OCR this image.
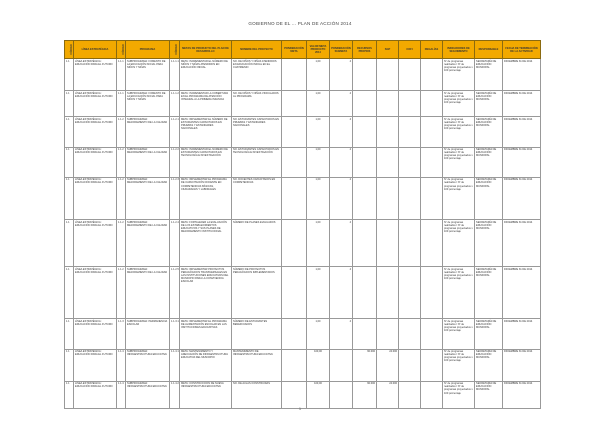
GOBIERNO DE EL ... PLAN DE ACCIÓN 2014
CÓDIGO	LÍNEA ESTRATÉGICA	CÓDIGO	PROGRAMA	CÓDIGO	METAS DE PRODUCTO DEL PLAN DE DESARROLLO	NOMBRE DEL PROYECTO	PONDERACIÓN META	VALOR META PRODUCTO 2014	PONDERACIÓN SUBMETA	RECURSOS PROPIOS	SGP	COFI	REGALÍAS	INDICADORES DE SEGUIMIENTO	RESPONSABLE	FECHA DE TERMINACIÓN DE LA ACTIVIDAD
1.1	LÍNEA ESTRATÉGICA: EDUCACIÓN PARA EL FUTURO	1.1.1	SUBPROGRAMA: FOMENTO DE LA EDUCACIÓN INICIAL PARA NIÑOS Y NIÑAS	1.1.1.1	META: INCREMENTAR EL NÚMERO DE NIÑOS Y NIÑAS ATENDIDOS EN EDUCACIÓN INICIAL	NO. DE NIÑOS Y NIÑAS ATENDIDOS EN EDUCACIÓN INICIAL EN EL CUATRIENIO		1,00	4					Nº de programas realizados / Nº de programas proyectados x 100 porcentaje	SECRETARÍA DE EDUCACIÓN MUNICIPAL	DICIEMBRE 31 DE 2014
1.1	LÍNEA ESTRATÉGICA: EDUCACIÓN PARA EL FUTURO	1.1.1	SUBPROGRAMA: FOMENTO DE LA EDUCACIÓN INICIAL PARA NIÑOS Y NIÑAS	1.1.1.2	META: INCREMENTAR LA COBERTURA EN EL PROGRAMA DE ATENCIÓN INTEGRAL A LA PRIMERA INFANCIA	NO. DE NIÑOS Y NIÑAS VINCULADOS AL PROGRAMA		1,00	4					Nº de programas realizados / Nº de programas proyectados x 100 porcentaje	SECRETARÍA DE EDUCACIÓN MUNICIPAL	DICIEMBRE 31 DE 2014
1.1	LÍNEA ESTRATÉGICA: EDUCACIÓN PARA EL FUTURO	1.1.2	SUBPROGRAMA: MEJORAMIENTO DE LA CALIDAD	1.1.2.1	META: IMPLEMENTAR EL NÚMERO DE ESTUDIANTES CAPACITADOS EN PRUEBAS Y ESTANDARES NACIONALES	NO. ESTUDIANTES CAPACITADOS EN PRUEBAS Y ESTANDARES NACIONALES		1,00	4					Nº de programas realizados / Nº de programas proyectados x 100 porcentaje	SECRETARÍA DE EDUCACIÓN MUNICIPAL	DICIEMBRE 31 DE 2014
1.1	LÍNEA ESTRATÉGICA: EDUCACIÓN PARA EL FUTURO	1.1.2	SUBPROGRAMA: MEJORAMIENTO DE LA CALIDAD	1.1.2.2	META: INCREMENTAR EL NÚMERO DE ESTUDIANTES CAPACITADOS EN TECNOLOGÍA E INVESTIGACIÓN	NO. ESTUDIANTES CAPACITADOS EN TECNOLOGÍA E INVESTIGACIÓN		1,00	4					Nº de programas realizados / Nº de programas proyectados x 100 porcentaje	SECRETARÍA DE EDUCACIÓN MUNICIPAL	DICIEMBRE 31 DE 2014
1.1	LÍNEA ESTRATÉGICA: EDUCACIÓN PARA EL FUTURO	1.1.2	SUBPROGRAMA: MEJORAMIENTO DE LA CALIDAD	1.1.2.3	META: IMPLEMENTAR EL PROGRAMA DE CAPACITACIÓN DOCENTE EN COMPETENCIAS BÁSICAS, CIUDADANAS Y LABORALES	NO. DOCENTES CAPACITADOS EN COMPETENCIAS		1,00	4					Nº de programas realizados / Nº de programas proyectados x 100 porcentaje	SECRETARÍA DE EDUCACIÓN MUNICIPAL	DICIEMBRE 31 DE 2014
1.1	LÍNEA ESTRATÉGICA: EDUCACIÓN PARA EL FUTURO	1.1.2	SUBPROGRAMA: MEJORAMIENTO DE LA CALIDAD	1.1.2.4	META: FORTALECER LA EVALUACIÓN DE LOS ESTABLECIMIENTOS EDUCATIVOS Y SUS PLANES DE MEJORAMIENTO INSTITUCIONAL	NÚMERO DE PLANES EVALUADOS		1,00	4					Nº de programas realizados / Nº de programas proyectados x 100 porcentaje	SECRETARÍA DE EDUCACIÓN MUNICIPAL	DICIEMBRE 31 DE 2014
1.1	LÍNEA ESTRATÉGICA: EDUCACIÓN PARA EL FUTURO	1.1.2	SUBPROGRAMA: MEJORAMIENTO DE LA CALIDAD	1.1.2.5	META: IMPLEMENTAR PROYECTOS PEDAGÓGICOS TRANSVERSALES EN LAS INSTITUCIONES EDUCATIVAS DEL MUNICIPIO PARA LA CONVIVENCIA ESCOLAR	NÚMERO DE PROYECTOS PEDAGÓGICOS IMPLEMENTADOS		1,00	4					Nº de programas realizados / Nº de programas proyectados x 100 porcentaje	SECRETARÍA DE EDUCACIÓN MUNICIPAL	DICIEMBRE 31 DE 2014
1.1	LÍNEA ESTRATÉGICA: EDUCACIÓN PARA EL FUTURO	1.1.3	SUBPROGRAMA: PERMANENCIA ESCOLAR	1.1.3.1	META: IMPLEMENTAR EL PROGRAMA DE ALIMENTACIÓN ESCOLAR EN LAS INSTITUCIONES EDUCATIVAS	NÚMERO DE ESTUDIANTES BENEFICIADOS		1,00	4					Nº de programas realizados / Nº de programas proyectados x 100 porcentaje	SECRETARÍA DE EDUCACIÓN MUNICIPAL	DICIEMBRE 31 DE 2014
1.1	LÍNEA ESTRATÉGICA: EDUCACIÓN PARA EL FUTURO	1.1.4	SUBPROGRAMA: INFRAESTRUCTURA EDUCATIVA	1.1.4.1	META: MANTENIMIENTO Y ADECUACIÓN DE INFRAESTRUCTURA EDUCATIVA DEL MUNICIPIO	MANTENIMIENTO DE INFRAESTRUCTURA EDUCATIVA		100,00		60.000	24.000			Nº de programas realizados / Nº de programas proyectados x 100 porcentaje	SECRETARÍA DE EDUCACIÓN MUNICIPAL	DICIEMBRE 31 DE 2014
1.1	LÍNEA ESTRATÉGICA: EDUCACIÓN PARA EL FUTURO	1.1.4	SUBPROGRAMA: INFRAESTRUCTURA EDUCATIVA	1.1.4.2	META: CONSTRUCCIÓN DE NUEVA INFRAESTRUCTURA EDUCATIVA	NO. DE AULAS CONSTRUIDAS		100,00		60.000	24.000			Nº de programas realizados / Nº de programas proyectados x 100 porcentaje	SECRETARÍA DE EDUCACIÓN MUNICIPAL	DICIEMBRE 31 DE 2014
1
